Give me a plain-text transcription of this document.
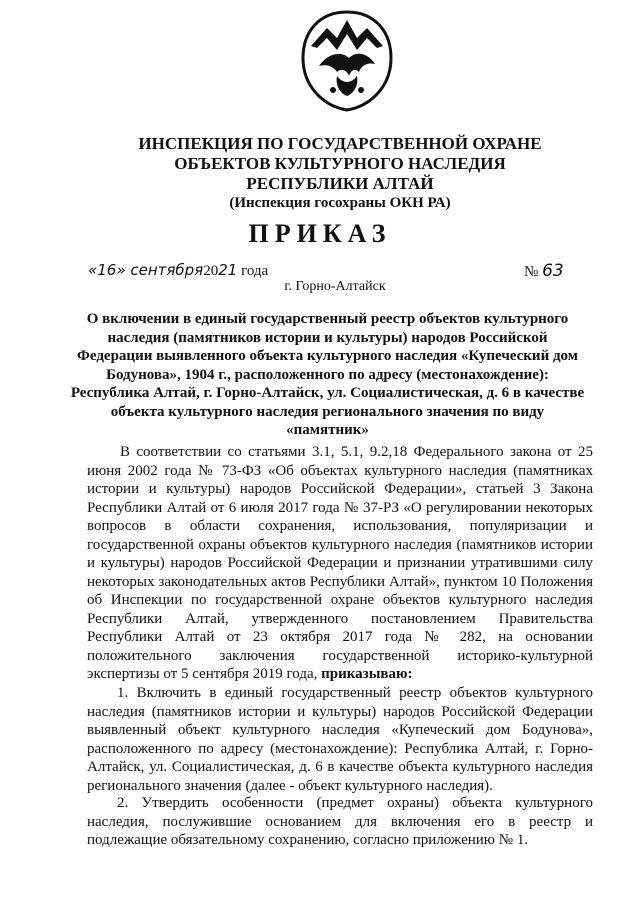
ИНСПЕКЦИЯ ПО ГОСУДАРСТВЕННОЙ ОХРАНЕ
ОБЪЕКТОВ КУЛЬТУРНОГО НАСЛЕДИЯ
РЕСПУБЛИКИ АЛТАЙ
(Инспекция госохраны ОКН РА)
ПРИКАЗ
«16» сентября2021 года	№ 63
г. Горно-Алтайск
О включении в единый государственный реестр объектов культурного наследия (памятников истории и культуры) народов Российской Федерации выявленного объекта культурного наследия «Купеческий дом Бодунова», 1904 г., расположенного по адресу (местонахождение): Республика Алтай, г. Горно-Алтайск, ул. Социалистическая, д. 6 в качестве объекта культурного наследия регионального значения по виду «памятник»
В соответствии со статьями 3.1, 5.1, 9.2,18 Федерального закона от 25 июня 2002 года № 73-ФЗ «Об объектах культурного наследия (памятниках истории и культуры) народов Российской Федерации», статьей 3 Закона Республики Алтай от 6 июля 2017 года № 37-РЗ «О регулировании некоторых вопросов в области сохранения, использования, популяризации и государственной охраны объектов культурного наследия (памятников истории и культуры) народов Российской Федерации и признании утратившими силу некоторых законодательных актов Республики Алтай», пунктом 10 Положения об Инспекции по государственной охране объектов культурного наследия Республики Алтай, утвержденного постановлением Правительства Республики Алтай от 23 октября 2017 года № 282, на основании положительного заключения государственной историко-культурной экспертизы от 5 сентября 2019 года, приказываю:
1. Включить в единый государственный реестр объектов культурного наследия (памятников истории и культуры) народов Российской Федерации выявленный объект культурного наследия «Купеческий дом Бодунова», расположенного по адресу (местонахождение): Республика Алтай, г. Горно-Алтайск, ул. Социалистическая, д. 6 в качестве объекта культурного наследия регионального значения (далее - объект культурного наследия).
2. Утвердить особенности (предмет охраны) объекта культурного наследия, послужившие основанием для включения его в реестр и подлежащие обязательному сохранению, согласно приложению № 1.
